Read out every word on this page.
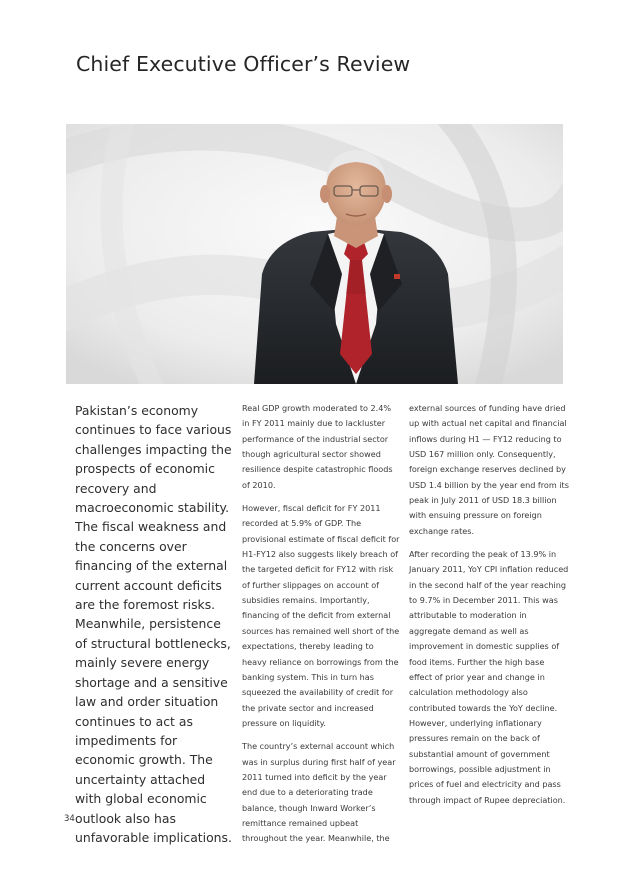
Chief Executive Officer’s Review
Pakistan’s economy continues to face various challenges impacting the prospects of economic recovery and macroeconomic stability. The fiscal weakness and the concerns over financing of the external current account deficits are the foremost risks. Meanwhile, persistence of structural bottlenecks, mainly severe energy shortage and a sensitive law and order situation continues to act as impediments for economic growth. The uncertainty attached with global economic outlook also has unfavorable implications.

Real GDP growth moderated to 2.4% in FY 2011 mainly due to lackluster performance of the industrial sector though agricultural sector showed resilience despite catastrophic floods of 2010.

However, fiscal deficit for FY 2011 recorded at 5.9% of GDP. The provisional estimate of fiscal deficit for H1-FY12 also suggests likely breach of the targeted deficit for FY12 with risk of further slippages on account of subsidies remains. Importantly, financing of the deficit from external sources has remained well short of the expectations, thereby leading to heavy reliance on borrowings from the banking system. This in turn has squeezed the availability of credit for the private sector and increased pressure on liquidity.

The country’s external account which was in surplus during first half of year 2011 turned into deficit by the year end due to a deteriorating trade balance, though Inward Worker’s remittance remained upbeat throughout the year. Meanwhile, the

external sources of funding have dried up with actual net capital and financial inflows during H1 — FY12 reducing to USD 167 million only. Consequently, foreign exchange reserves declined by USD 1.4 billion by the year end from its peak in July 2011 of USD 18.3 billion with ensuing pressure on foreign exchange rates.

After recording the peak of 13.9% in January 2011, YoY CPI inflation reduced in the second half of the year reaching to 9.7% in December 2011. This was attributable to moderation in aggregate demand as well as improvement in domestic supplies of food items. Further the high base effect of prior year and change in calculation methodology also contributed towards the YoY decline. However, underlying inflationary pressures remain on the back of substantial amount of government borrowings, possible adjustment in prices of fuel and electricity and pass through impact of Rupee depreciation.

34
